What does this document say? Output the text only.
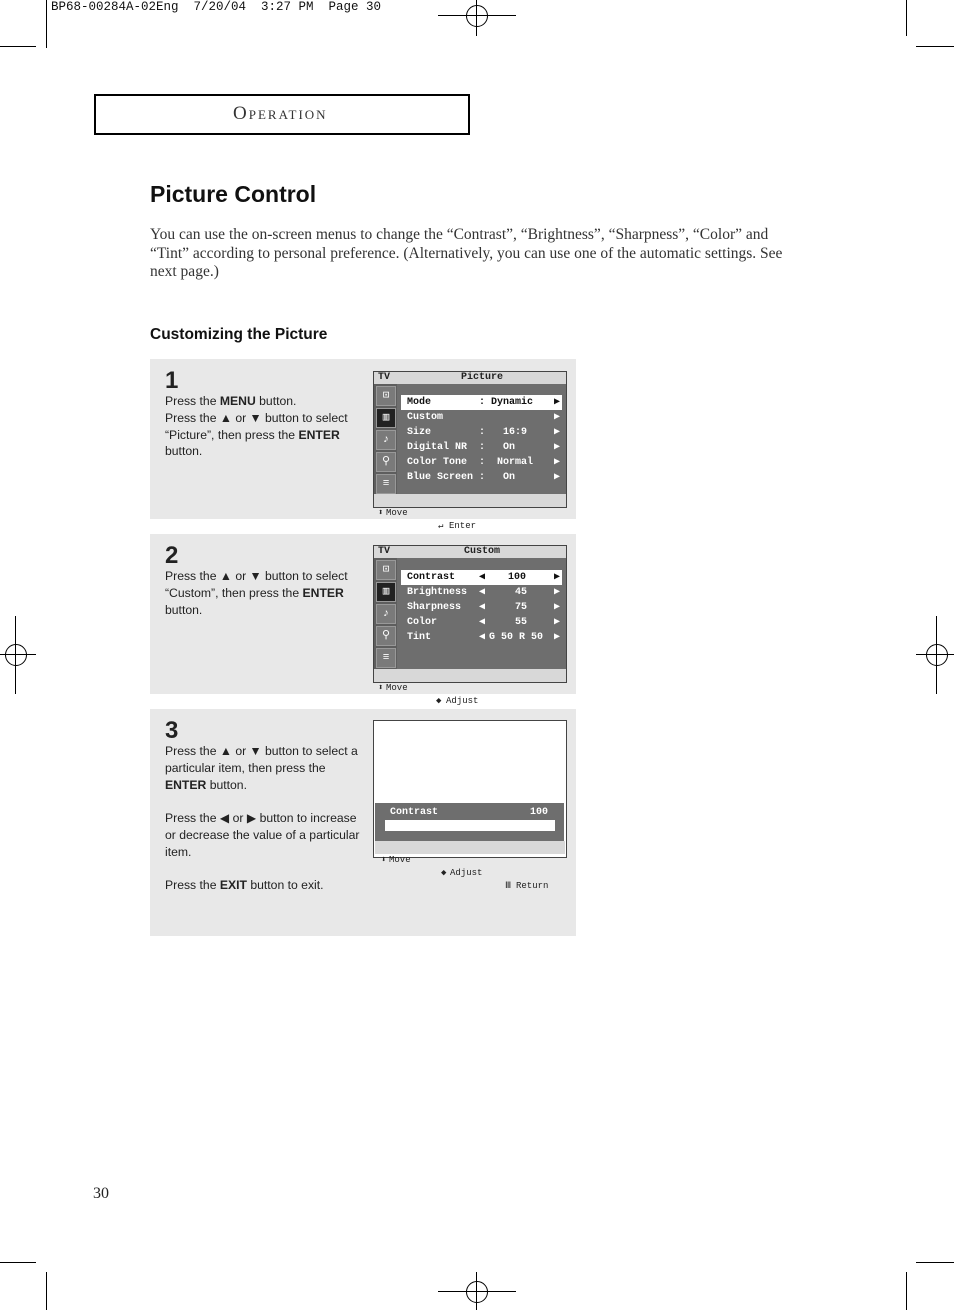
BP68-00284A-02Eng  7/20/04  3:27 PM  Page 30
OPERATION
Picture Control
You can use the on-screen menus to change the “Contrast”, “Brightness”, “Sharpness”, “Color” and “Tint” according to personal preference. (Alternatively, you can use one of the automatic settings. See next page.)
Customizing the Picture
1
Press the MENU button.
Press the ▲ or ▼ button to select “Picture”, then press the ENTER button.
TV	Picture
⊡
▥
♪
⚲
≡
Mode        : Dynamic ▶
Custom	▶
Size        :   16:9	▶
Digital NR  :   On	▶
Color Tone  :  Normal ▶
Blue Screen :   On	▶

⬍ Move

↵ Enter

2
Press the ▲ or ▼ button to select “Custom”, then press the ENTER button.
TV	Custom
⊡
▥
♪
⚲
≡
Contrast ◀	100	▶
Brightness ◀	45	▶
Sharpness ◀	75	▶
Color	◀	55	▶
Tint	◀ G 50 R 50 ▶

⬍ Move

◆ Adjust

3
Press the ▲ or ▼ button to select a particular item, then press the ENTER button.
Press the ◀ or ▶ button to increase or decrease the value of a particular item.
Press the EXIT button to exit.
Contrast	100

⬍ Move

◆ Adjust

Ⅲ Return

30
